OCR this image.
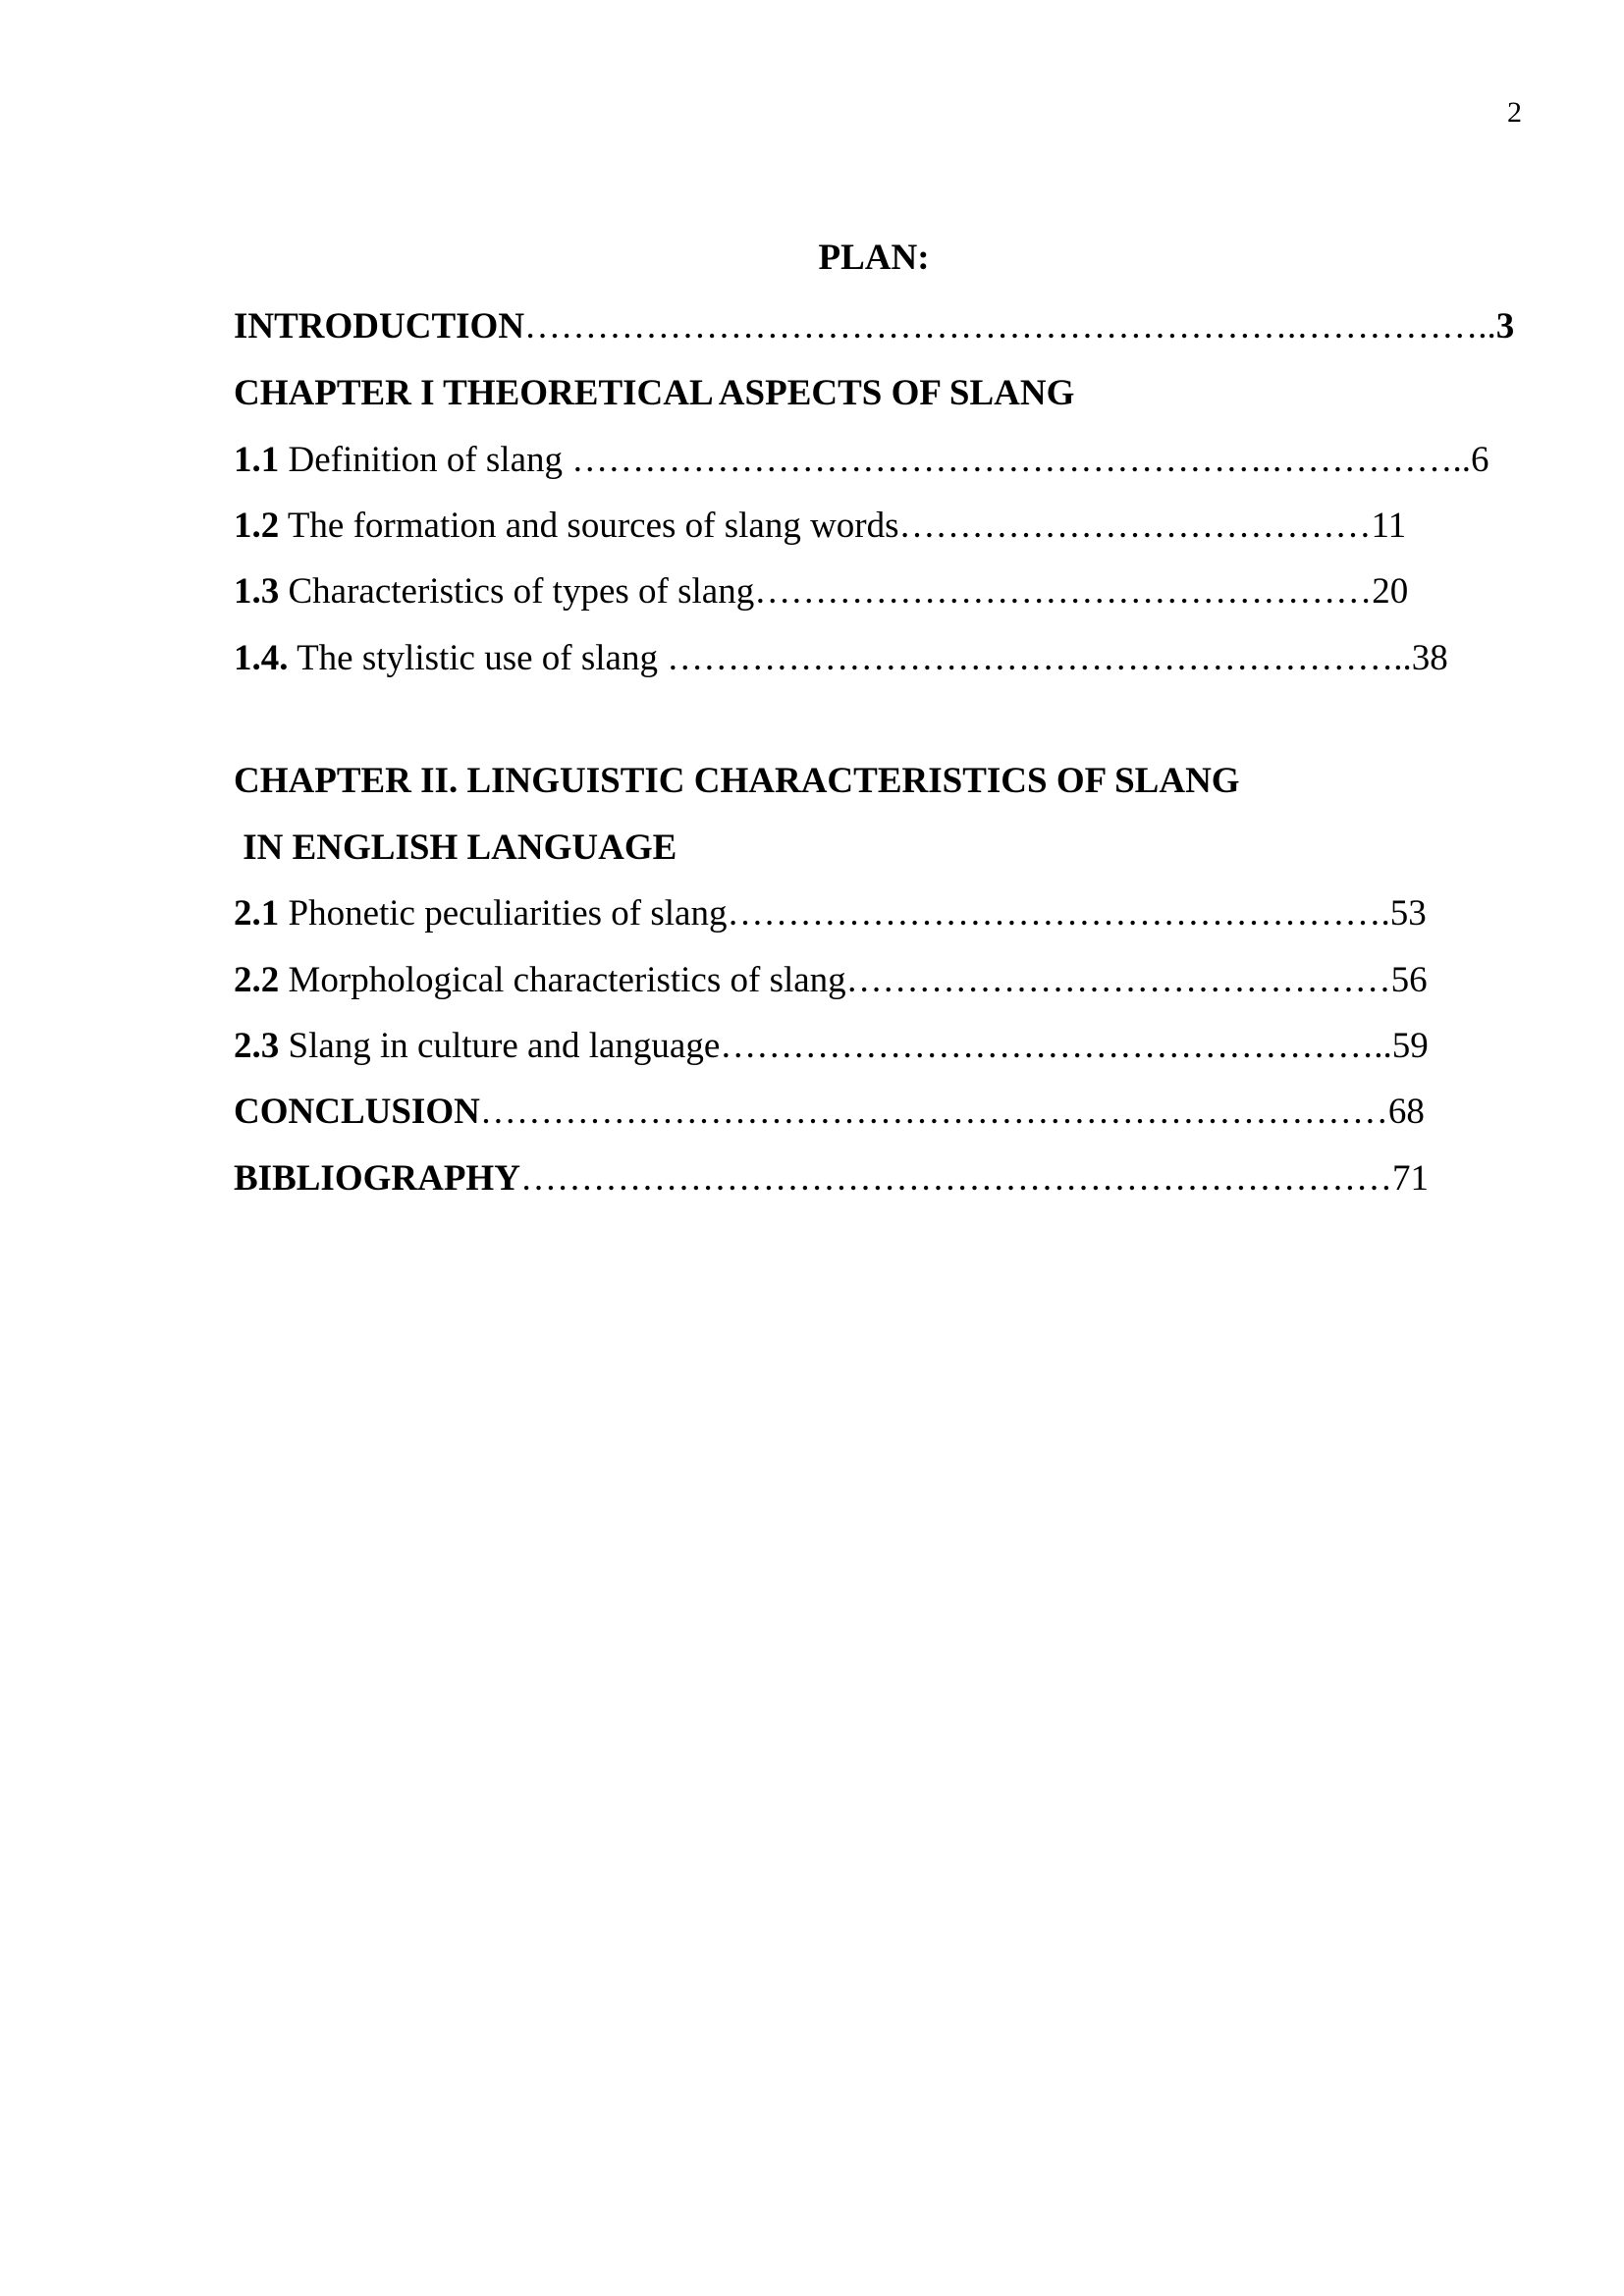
2
PLAN:
INTRODUCTION……………………………………………………….……………..3
CHAPTER I THEORETICAL ASPECTS OF SLANG
1.1 Definition of slang ………………………………………………….……………..6
1.2 The formation and sources of slang words…………………………………11
1.3 Characteristics of types of slang……………………………………………20
1.4. The stylistic use of slang ……………………………………………………..38
CHAPTER II. LINGUISTIC CHARACTERISTICS OF SLANG
IN ENGLISH LANGUAGE
2.1 Phonetic peculiarities of slang……………………………………………….53
2.2 Morphological characteristics of slang………………………………………56
2.3 Slang in culture and language………………………………………………..59
CONCLUSION…………………………………………………………………68
BIBLIOGRAPHY………………………………………………………………71
